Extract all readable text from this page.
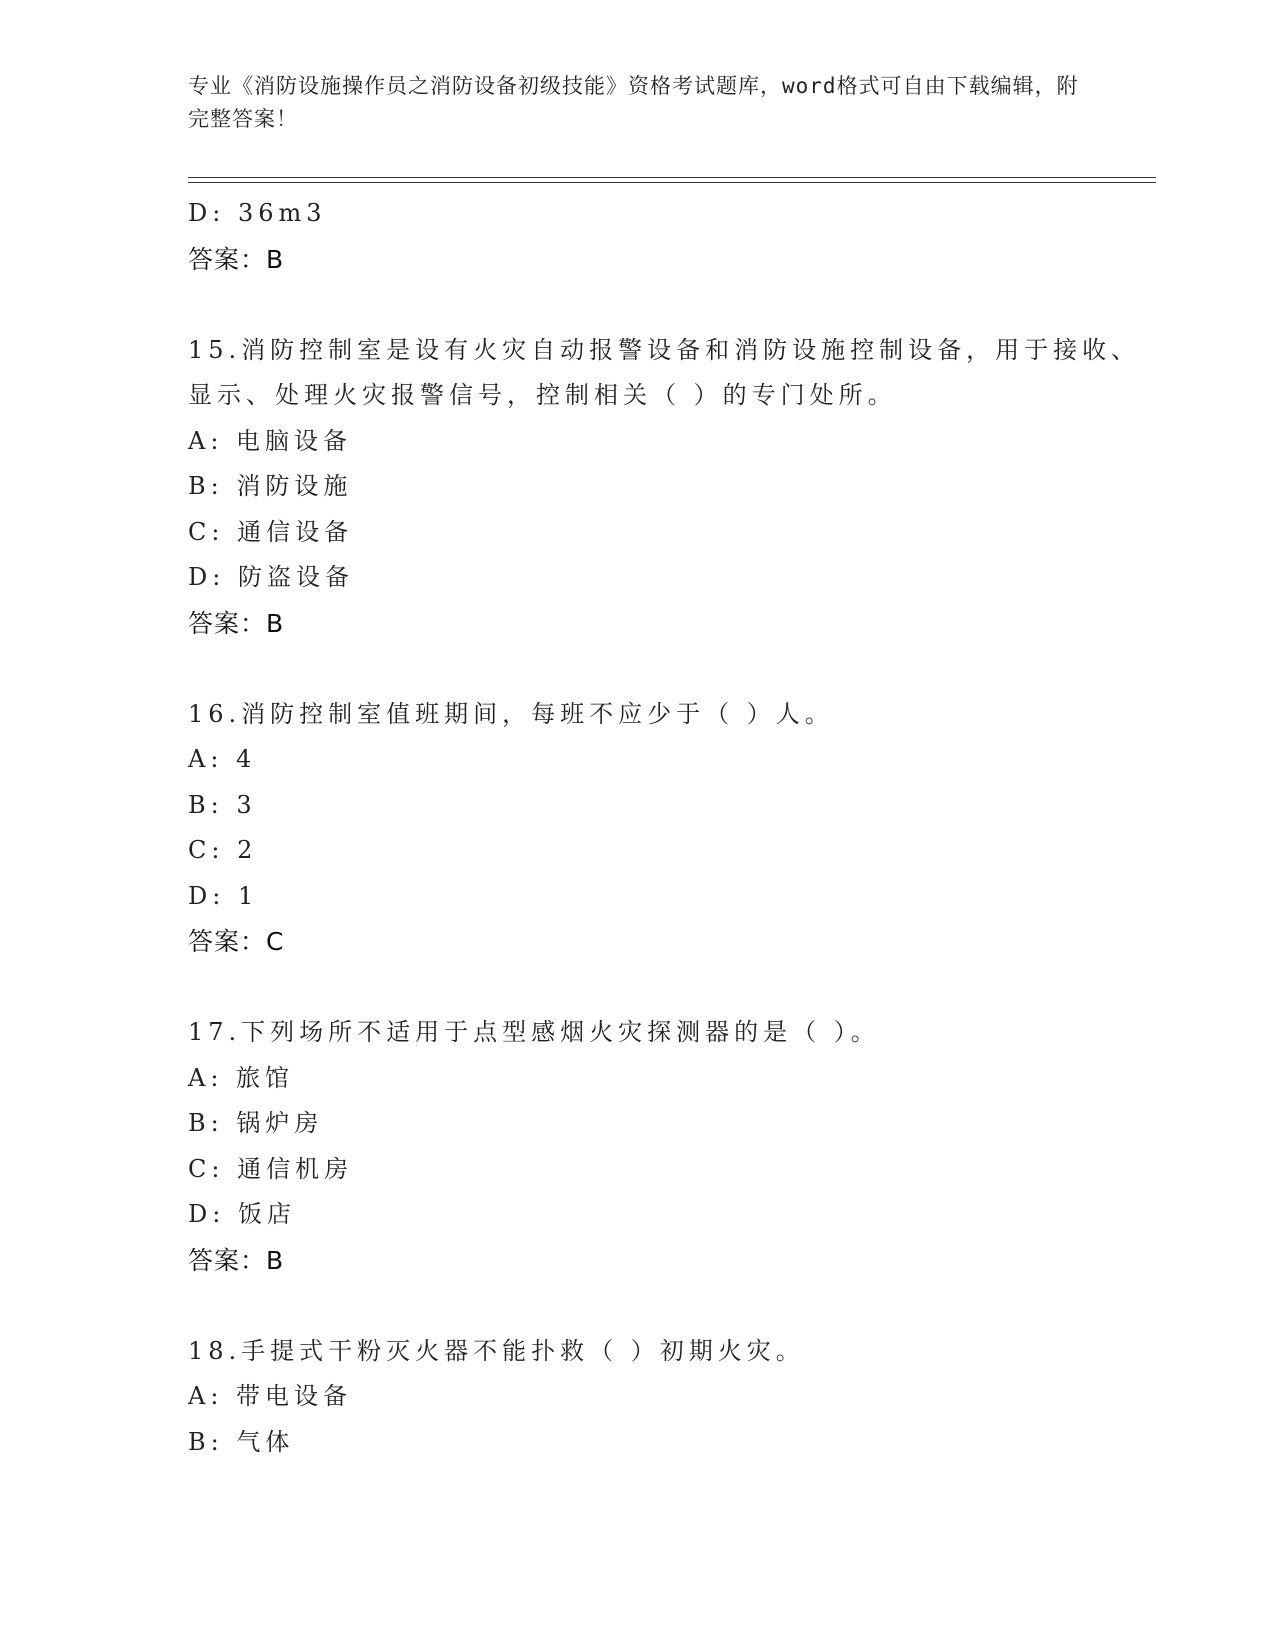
专业《消防设施操作员之消防设备初级技能》资格考试题库，word格式可自由下载编辑，附完整答案！
D: 36m3
答案：B
15.消防控制室是设有火灾自动报警设备和消防设施控制设备，用于接收、显示、处理火灾报警信号，控制相关（ ）的专门处所。
A: 电脑设备
B: 消防设施
C: 通信设备
D: 防盗设备
答案：B
16.消防控制室值班期间，每班不应少于（ ）人。
A: 4
B: 3
C: 2
D: 1
答案：C
17.下列场所不适用于点型感烟火灾探测器的是（ ）。
A: 旅馆
B: 锅炉房
C: 通信机房
D: 饭店
答案：B
18.手提式干粉灭火器不能扑救（ ）初期火灾。
A: 带电设备
B: 气体
